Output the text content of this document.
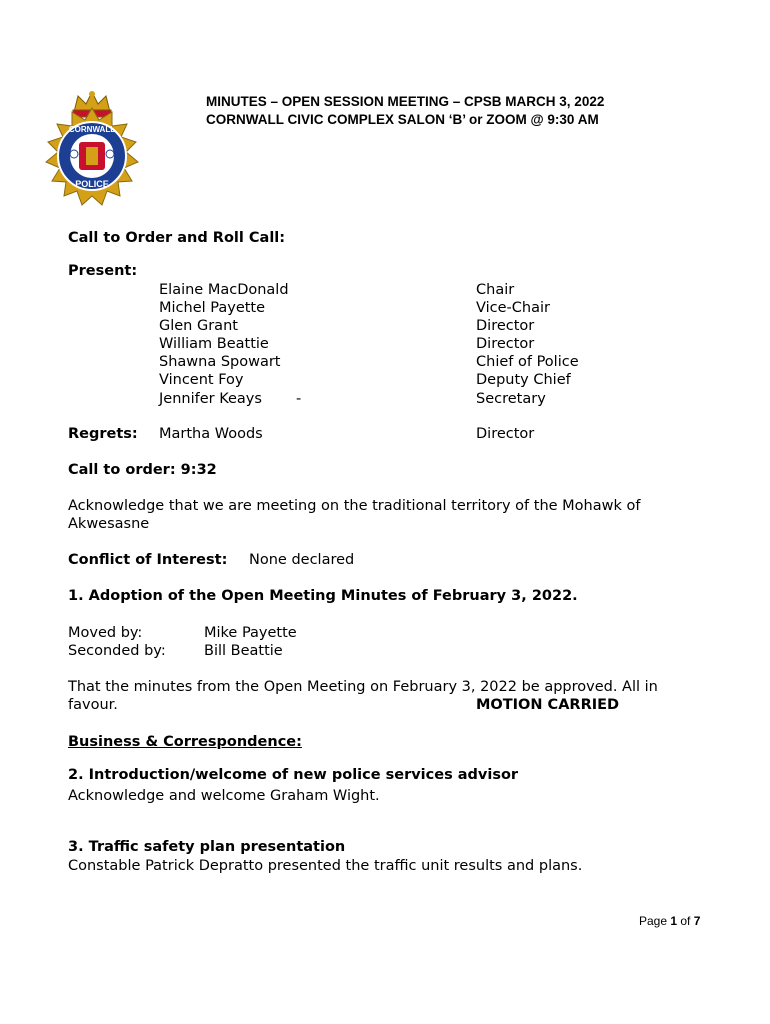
CORNWALL
POLICE
MINUTES – OPEN SESSION MEETING – CPSB MARCH 3, 2022
CORNWALL CIVIC COMPLEX SALON ‘B’ or ZOOM @ 9:30 AM
Call to Order and Roll Call:
Present:
Elaine MacDonald	Chair
Michel Payette	Vice-Chair
Glen Grant	Director
William Beattie	Director
Shawna Spowart	Chief of Police
Vincent Foy	Deputy Chief
Jennifer Keays -	Secretary
Regrets: Martha Woods	Director
Call to order: 9:32
Acknowledge that we are meeting on the traditional territory of the Mohawk of
Akwesasne
Conflict of Interest: None declared
1. Adoption of the Open Meeting Minutes of February 3, 2022.
Moved by:	Mike Payette
Seconded by:	Bill Beattie
That the minutes from the Open Meeting on February 3, 2022 be approved. All in
favour.	MOTION CARRIED
Business & Correspondence:
2. Introduction/welcome of new police services advisor
Acknowledge and welcome Graham Wight.
3. Traffic safety plan presentation
Constable Patrick Depratto presented the traffic unit results and plans.
Page 1 of 7
